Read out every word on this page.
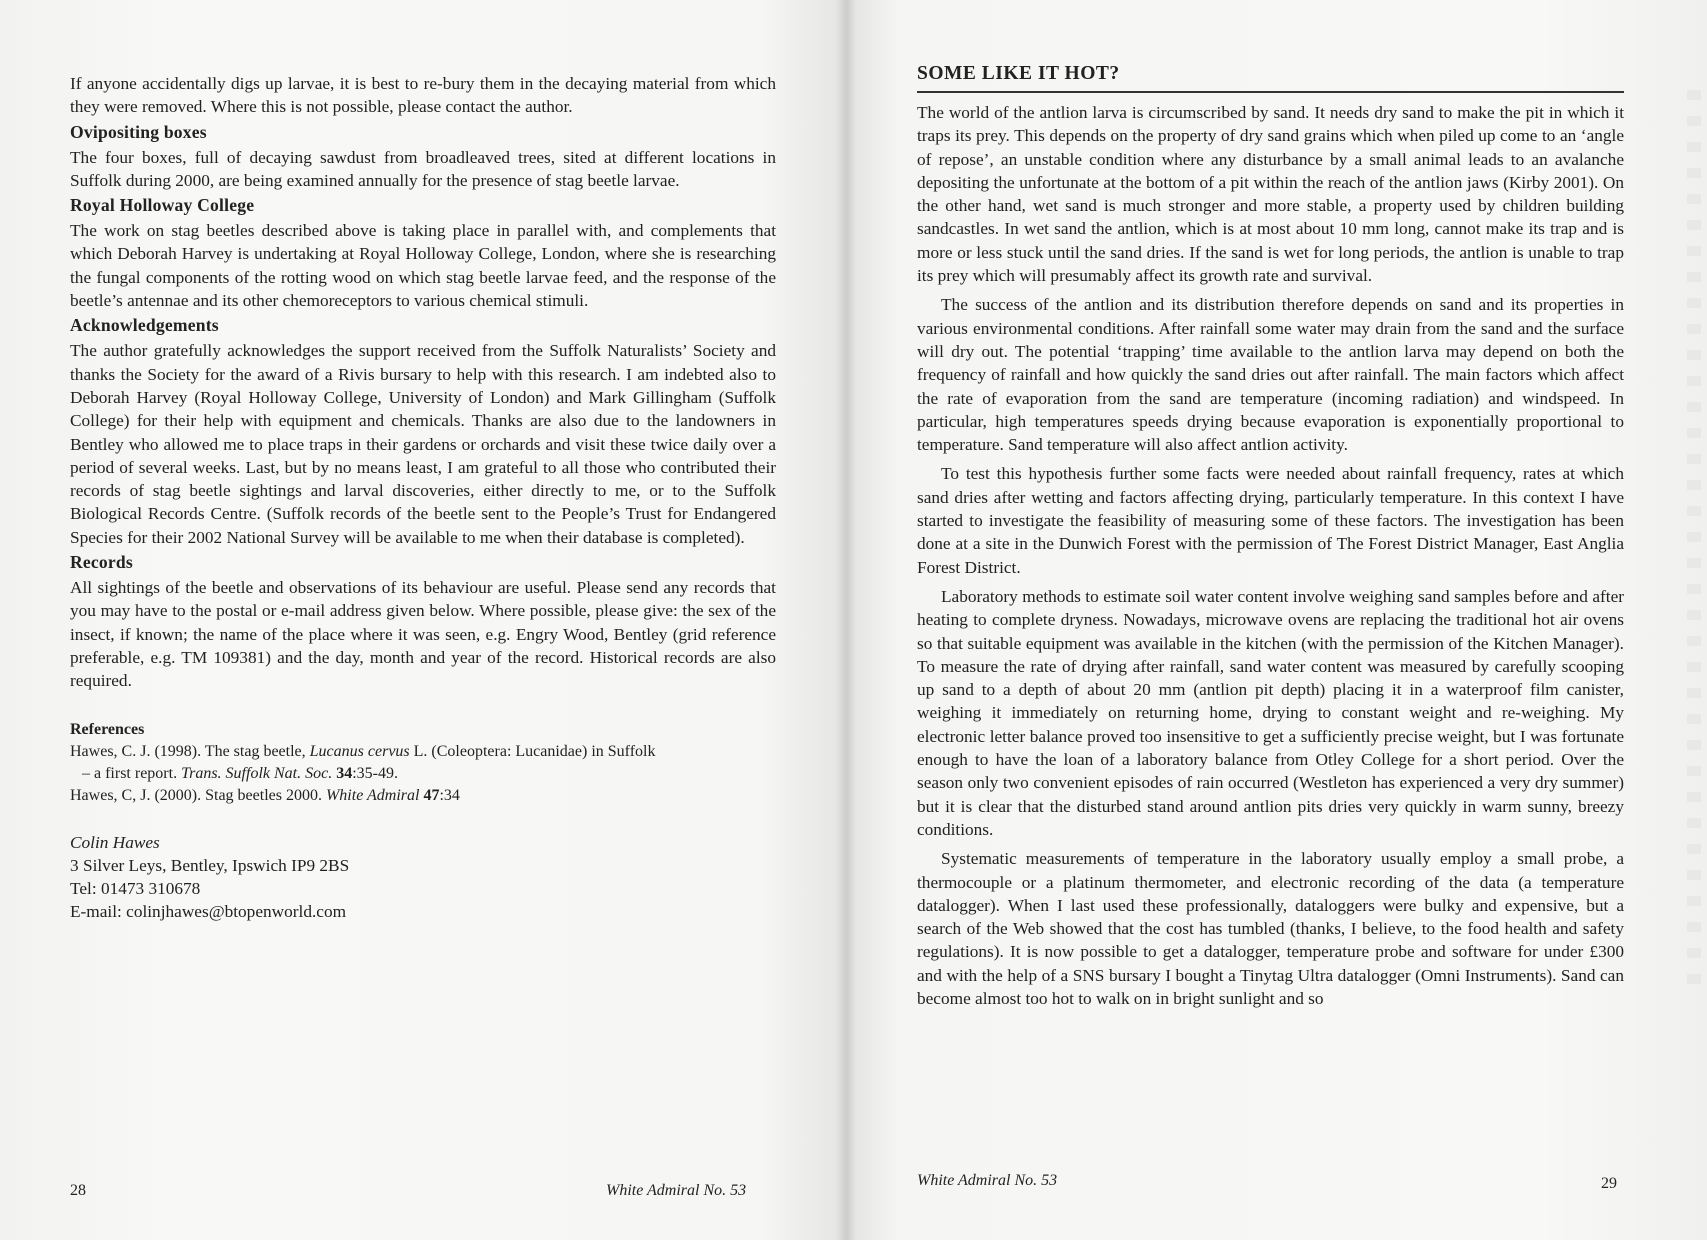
If anyone accidentally digs up larvae, it is best to re-bury them in the decaying material from which they were removed. Where this is not possible, please contact the author.

Ovipositing boxes

The four boxes, full of decaying sawdust from broadleaved trees, sited at different locations in Suffolk during 2000, are being examined annually for the presence of stag beetle larvae.

Royal Holloway College

The work on stag beetles described above is taking place in parallel with, and complements that which Deborah Harvey is undertaking at Royal Holloway College, London, where she is researching the fungal components of the rotting wood on which stag beetle larvae feed, and the response of the beetle’s antennae and its other chemoreceptors to various chemical stimuli.

Acknowledgements

The author gratefully acknowledges the support received from the Suffolk Naturalists’ Society and thanks the Society for the award of a Rivis bursary to help with this research. I am indebted also to Deborah Harvey (Royal Holloway College, University of London) and Mark Gillingham (Suffolk College) for their help with equipment and chemicals. Thanks are also due to the landowners in Bentley who allowed me to place traps in their gardens or orchards and visit these twice daily over a period of several weeks. Last, but by no means least, I am grateful to all those who contributed their records of stag beetle sightings and larval discoveries, either directly to me, or to the Suffolk Biological Records Centre. (Suffolk records of the beetle sent to the People’s Trust for Endangered Species for their 2002 National Survey will be available to me when their database is completed).

Records

All sightings of the beetle and observations of its behaviour are useful. Please send any records that you may have to the postal or e-mail address given below. Where possible, please give: the sex of the insect, if known; the name of the place where it was seen, e.g. Engry Wood, Bentley (grid reference preferable, e.g. TM 109381) and the day, month and year of the record. Historical records are also required.

References

Hawes, C. J. (1998). The stag beetle, Lucanus cervus L. (Coleoptera: Lucanidae) in Suffolk
– a first report. Trans. Suffolk Nat. Soc. 34:35-49.

Hawes, C, J. (2000). Stag beetles 2000. White Admiral 47:34

Colin Hawes
3 Silver Leys, Bentley, Ipswich IP9 2BS
Tel: 01473 310678
E-mail: colinjhawes@btopenworld.com
28	White Admiral No. 53
SOME LIKE IT HOT?

The world of the antlion larva is circumscribed by sand. It needs dry sand to make the pit in which it traps its prey. This depends on the property of dry sand grains which when piled up come to an ‘angle of repose’, an unstable condition where any disturbance by a small animal leads to an avalanche depositing the unfortunate at the bottom of a pit within the reach of the antlion jaws (Kirby 2001). On the other hand, wet sand is much stronger and more stable, a property used by children building sandcastles. In wet sand the antlion, which is at most about 10 mm long, cannot make its trap and is more or less stuck until the sand dries. If the sand is wet for long periods, the antlion is unable to trap its prey which will presumably affect its growth rate and survival.

The success of the antlion and its distribution therefore depends on sand and its properties in various environmental conditions. After rainfall some water may drain from the sand and the surface will dry out. The potential ‘trapping’ time available to the antlion larva may depend on both the frequency of rainfall and how quickly the sand dries out after rainfall. The main factors which affect the rate of evaporation from the sand are temperature (incoming radiation) and windspeed. In particular, high temperatures speeds drying because evaporation is exponentially proportional to temperature. Sand temperature will also affect antlion activity.

To test this hypothesis further some facts were needed about rainfall frequency, rates at which sand dries after wetting and factors affecting drying, particularly temperature. In this context I have started to investigate the feasibility of measuring some of these factors. The investigation has been done at a site in the Dunwich Forest with the permission of The Forest District Manager, East Anglia Forest District.

Laboratory methods to estimate soil water content involve weighing sand samples before and after heating to complete dryness. Nowadays, microwave ovens are replacing the traditional hot air ovens so that suitable equipment was available in the kitchen (with the permission of the Kitchen Manager). To measure the rate of drying after rainfall, sand water content was measured by carefully scooping up sand to a depth of about 20 mm (antlion pit depth) placing it in a waterproof film canister, weighing it immediately on returning home, drying to constant weight and re-weighing. My electronic letter balance proved too insensitive to get a sufficiently precise weight, but I was fortunate enough to have the loan of a laboratory balance from Otley College for a short period. Over the season only two convenient episodes of rain occurred (Westleton has experienced a very dry summer) but it is clear that the disturbed stand around antlion pits dries very quickly in warm sunny, breezy conditions.

Systematic measurements of temperature in the laboratory usually employ a small probe, a thermocouple or a platinum thermometer, and electronic recording of the data (a temperature datalogger). When I last used these professionally, dataloggers were bulky and expensive, but a search of the Web showed that the cost has tumbled (thanks, I believe, to the food health and safety regulations). It is now possible to get a datalogger, temperature probe and software for under £300 and with the help of a SNS bursary I bought a Tinytag Ultra datalogger (Omni Instruments). Sand can become almost too hot to walk on in bright sunlight and so

White Admiral No. 53	29
